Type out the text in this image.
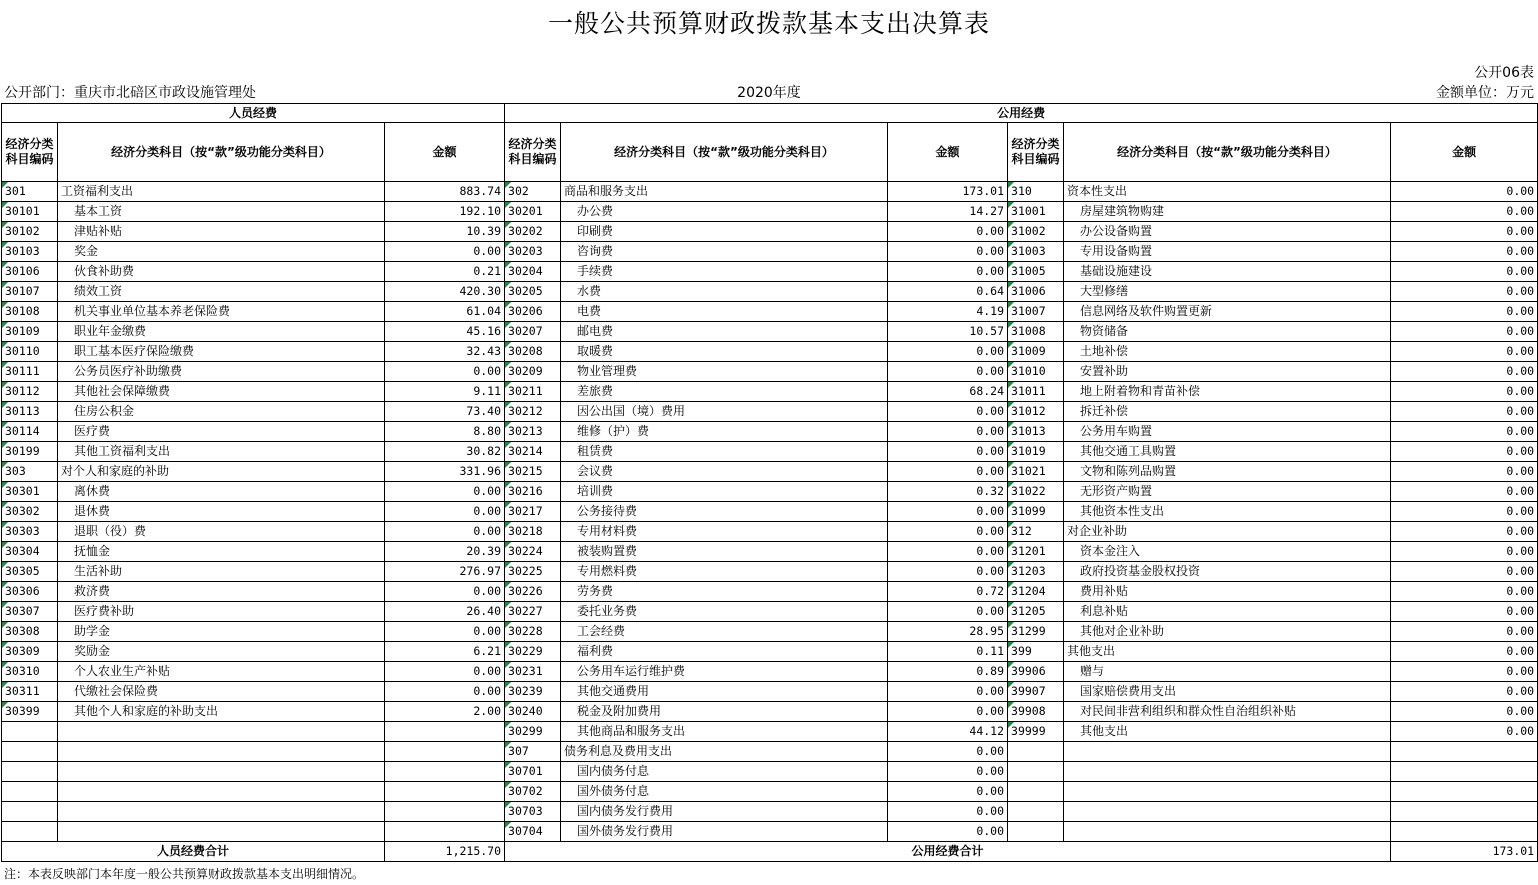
一般公共预算财政拨款基本支出决算表
公开06表
公开部门：重庆市北碚区市政设施管理处	2020年度	金额单位：万元
人员经费			公用经费					
经济分类科目编码	经济分类科目（按“款”级功能分类科目）	金额	经济分类科目编码	经济分类科目（按“款”级功能分类科目）	金额	经济分类科目编码	经济分类科目（按“款”级功能分类科目）	金额
301	工资福利支出	883.74	302	商品和服务支出	173.01	310	资本性支出	0.00
30101	基本工资	192.10	30201	办公费	14.27	31001	房屋建筑物购建	0.00
30102	津贴补贴	10.39	30202	印刷费	0.00	31002	办公设备购置	0.00
30103	奖金	0.00	30203	咨询费	0.00	31003	专用设备购置	0.00
30106	伙食补助费	0.21	30204	手续费	0.00	31005	基础设施建设	0.00
30107	绩效工资	420.30	30205	水费	0.64	31006	大型修缮	0.00
30108	机关事业单位基本养老保险费	61.04	30206	电费	4.19	31007	信息网络及软件购置更新	0.00
30109	职业年金缴费	45.16	30207	邮电费	10.57	31008	物资储备	0.00
30110	职工基本医疗保险缴费	32.43	30208	取暖费	0.00	31009	土地补偿	0.00
30111	公务员医疗补助缴费	0.00	30209	物业管理费	0.00	31010	安置补助	0.00
30112	其他社会保障缴费	9.11	30211	差旅费	68.24	31011	地上附着物和青苗补偿	0.00
30113	住房公积金	73.40	30212	因公出国（境）费用	0.00	31012	拆迁补偿	0.00
30114	医疗费	8.80	30213	维修（护）费	0.00	31013	公务用车购置	0.00
30199	其他工资福利支出	30.82	30214	租赁费	0.00	31019	其他交通工具购置	0.00
303	对个人和家庭的补助	331.96	30215	会议费	0.00	31021	文物和陈列品购置	0.00
30301	离休费	0.00	30216	培训费	0.32	31022	无形资产购置	0.00
30302	退休费	0.00	30217	公务接待费	0.00	31099	其他资本性支出	0.00
30303	退职（役）费	0.00	30218	专用材料费	0.00	312	对企业补助	0.00
30304	抚恤金	20.39	30224	被装购置费	0.00	31201	资本金注入	0.00
30305	生活补助	276.97	30225	专用燃料费	0.00	31203	政府投资基金股权投资	0.00
30306	救济费	0.00	30226	劳务费	0.72	31204	费用补贴	0.00
30307	医疗费补助	26.40	30227	委托业务费	0.00	31205	利息补贴	0.00
30308	助学金	0.00	30228	工会经费	28.95	31299	其他对企业补助	0.00
30309	奖励金	6.21	30229	福利费	0.11	399	其他支出	0.00
30310	个人农业生产补贴	0.00	30231	公务用车运行维护费	0.89	39906	赠与	0.00
30311	代缴社会保险费	0.00	30239	其他交通费用	0.00	39907	国家赔偿费用支出	0.00
30399	其他个人和家庭的补助支出	2.00	30240	税金及附加费用	0.00	39908	对民间非营利组织和群众性自治组织补贴	0.00
			30299	其他商品和服务支出	44.12	39999	其他支出	0.00
			307	债务利息及费用支出	0.00			
			30701	国内债务付息	0.00			
			30702	国外债务付息	0.00			
			30703	国内债务发行费用	0.00			
			30704	国外债务发行费用	0.00			
人员经费合计		1,215.70	公用经费合计					173.01
注：本表反映部门本年度一般公共预算财政拨款基本支出明细情况。
